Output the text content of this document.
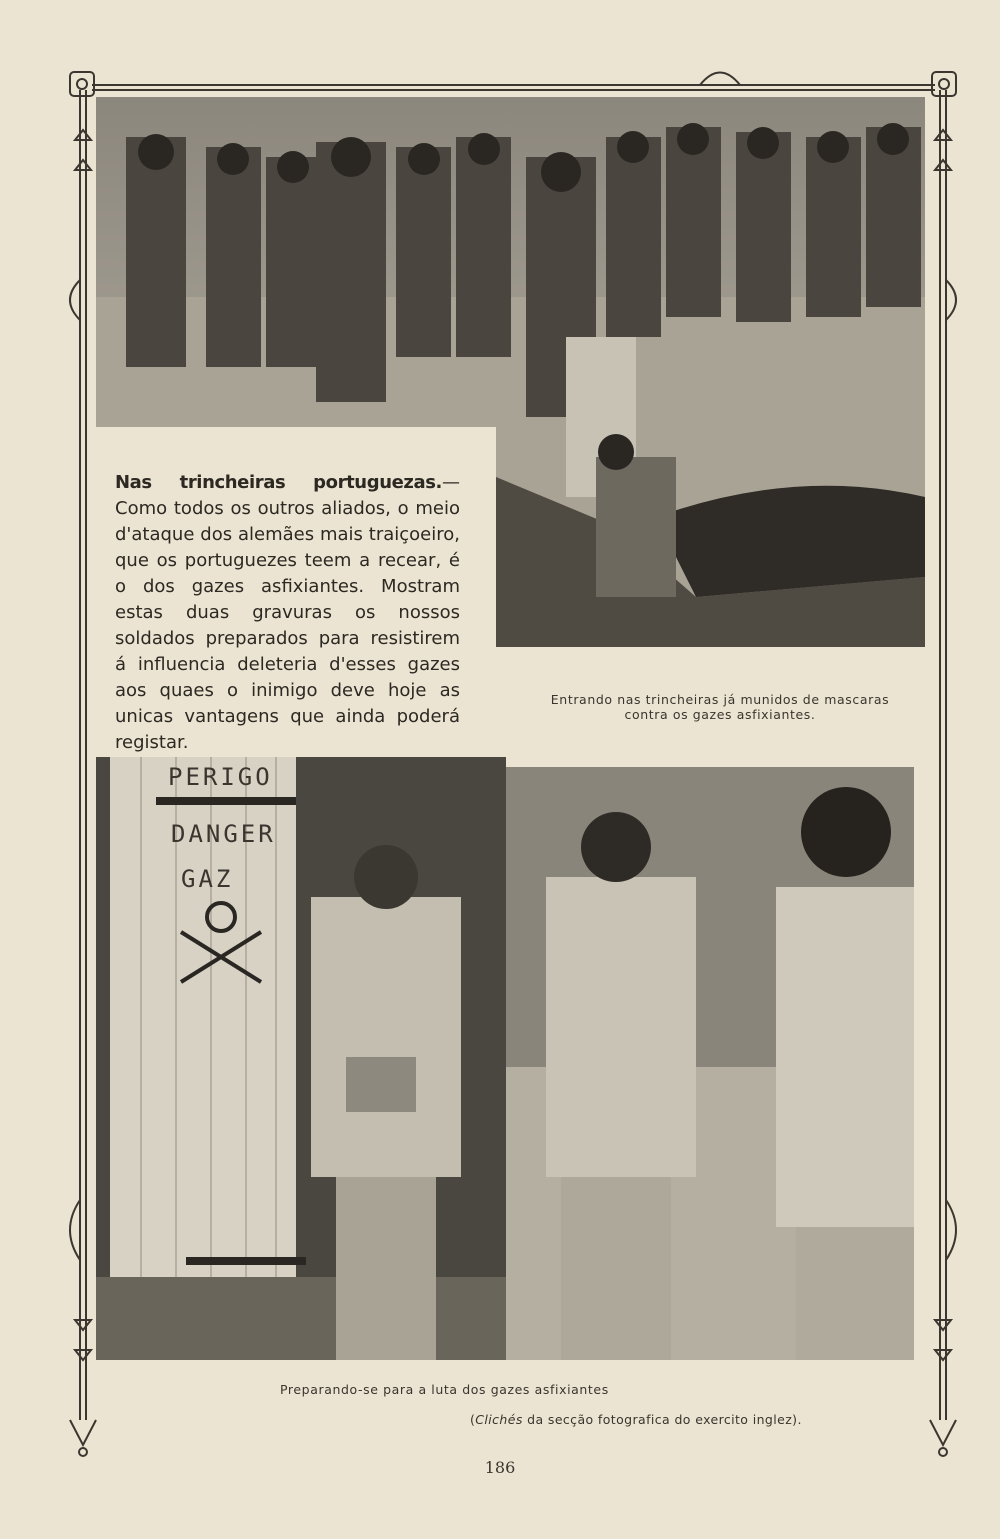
Nas trincheiras portuguezas.—Como todos os outros aliados, o meio d'ataque dos alemães mais traiçoeiro, que os portuguezes teem a recear, é o dos gazes asfixiantes. Mostram estas duas gravuras os nossos soldados preparados para resistirem á influencia deleteria d'esses gazes aos quaes o inimigo deve hoje as unicas vantagens que ainda poderá registar.
Entrando nas trincheiras já munidos de mascaras
contra os gazes asfixiantes.
PERIGO
DANGER
GAZ
Preparando-se para a luta dos gazes asfixiantes
(Clichés da secção fotografica do exercito inglez).
186
